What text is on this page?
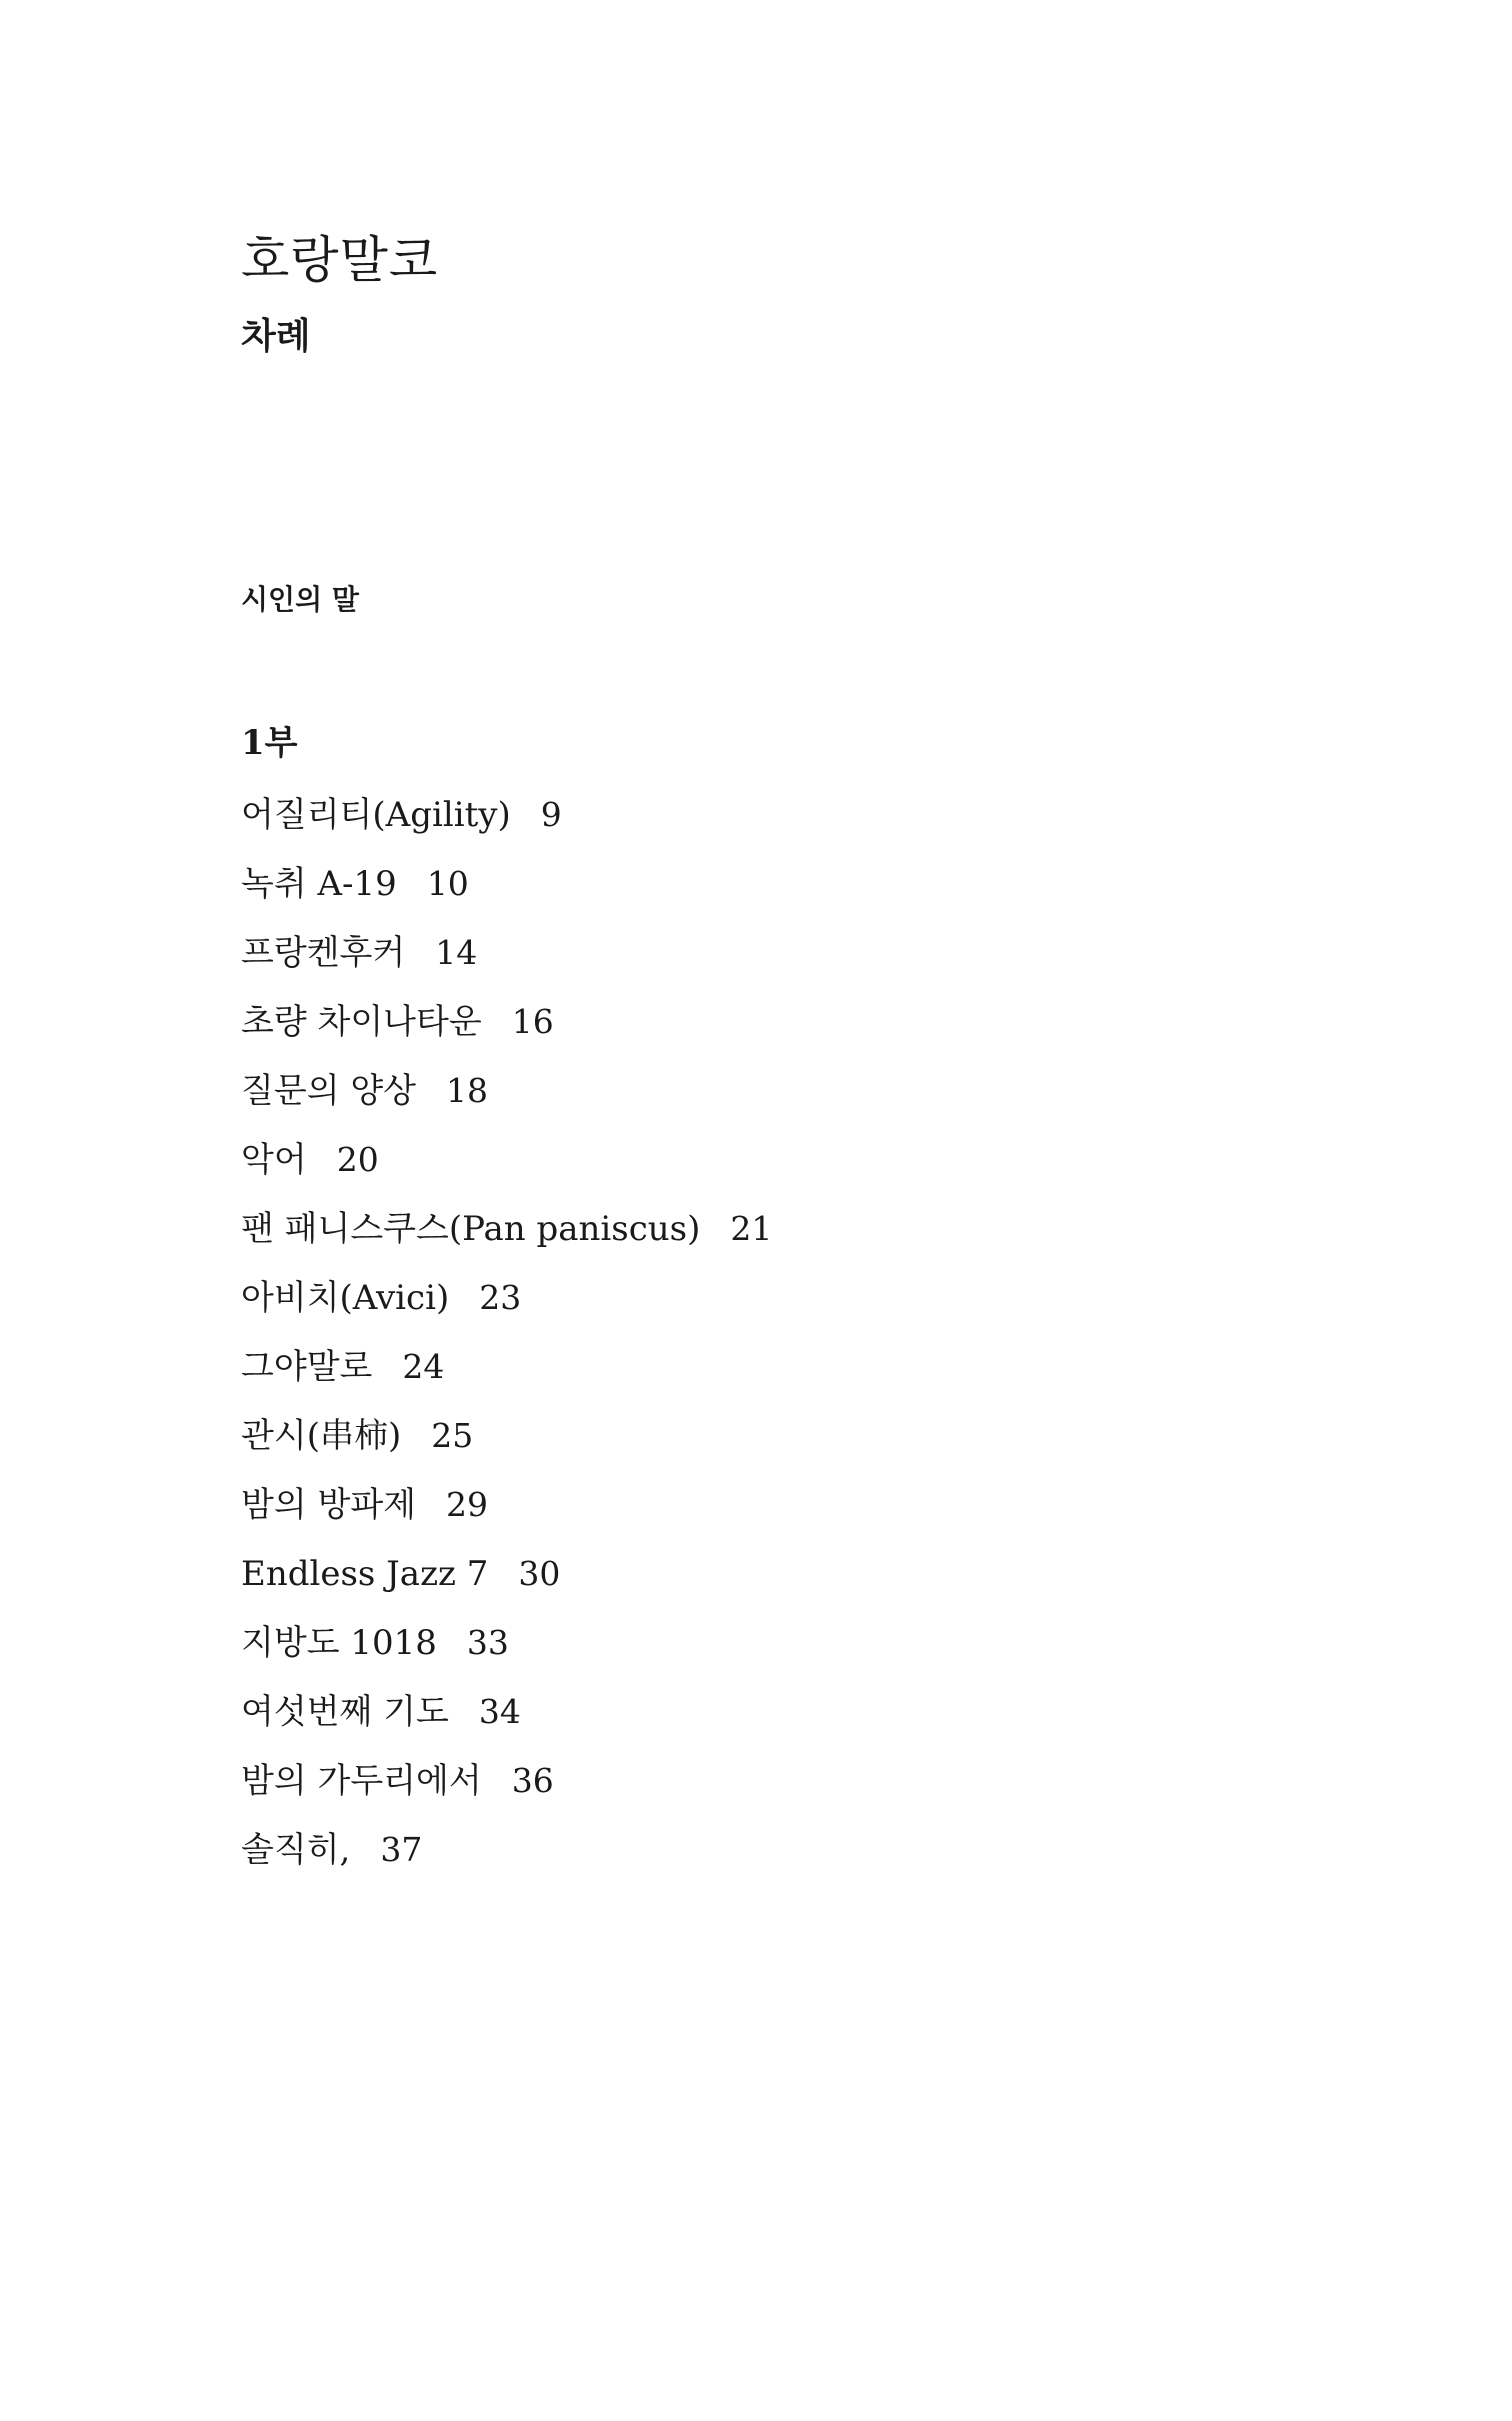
호랑말코
차례

시인의 말

1부
어질리티(Agility) 9
녹취 A-19 10
프랑켄후커 14
초량 차이나타운 16
질문의 양상 18
악어 20
팬 패니스쿠스(Pan paniscus) 21
아비치(Avici) 23
그야말로 24
관시(串柿) 25
밤의 방파제 29
Endless Jazz 7 30
지방도 1018 33
여섯번째 기도 34
밤의 가두리에서 36
솔직히, 37
